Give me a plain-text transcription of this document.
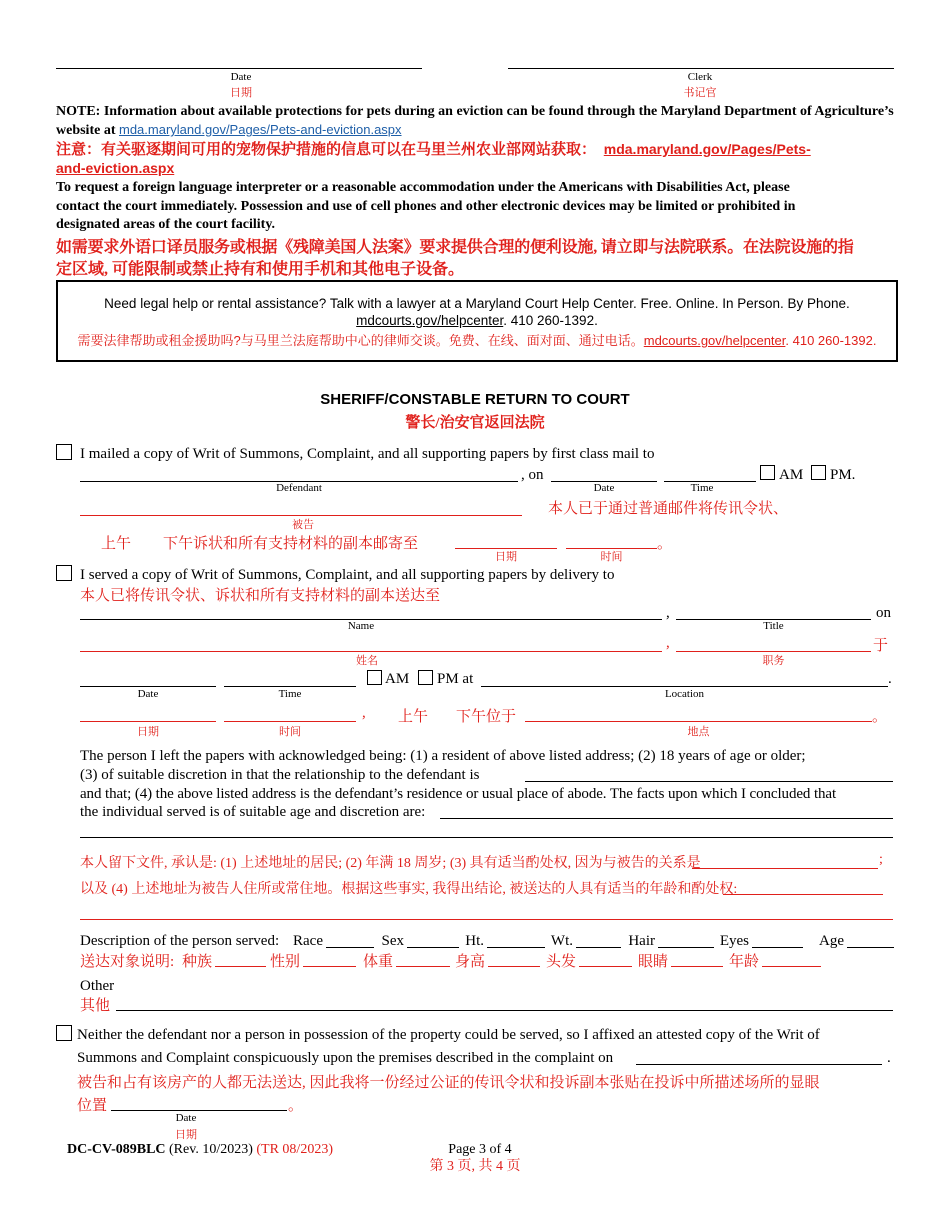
Date
日期
Clerk
书记官
NOTE: Information about available protections for pets during an eviction can be found through the Maryland Department of Agriculture’s website at mda.maryland.gov/Pages/Pets-and-eviction.aspx
注意：有关驱逐期间可用的宠物保护措施的信息可以在马里兰州农业部网站获取： mda.maryland.gov/Pages/Pets-
and-eviction.aspx
To request a foreign language interpreter or a reasonable accommodation under the Americans with Disabilities Act, please
contact the court immediately. Possession and use of cell phones and other electronic devices may be limited or prohibited in
designated areas of the court facility.
如需要求外语口译员服务或根据《残障美国人法案》要求提供合理的便利设施, 请立即与法院联系。在法院设施的指
定区域, 可能限制或禁止持有和使用手机和其他电子设备。
Need legal help or rental assistance? Talk with a lawyer at a Maryland Court Help Center. Free. Online. In Person. By Phone.
mdcourts.gov/helpcenter. 410 260-1392.
需要法律帮助或租金援助吗?与马里兰法庭帮助中心的律师交谈。免费、在线、面对面、通过电话。mdcourts.gov/helpcenter. 410 260-1392.
SHERIFF/CONSTABLE RETURN TO COURT
警长/治安官返回法院
I mailed a copy of Writ of Summons, Complaint, and all supporting papers by first class mail to
, on	AM PM.
Defendant	Date	Time
被告
本人已于通过普通邮件将传讯令状、
上午 下午诉状和所有支持材料的副本邮寄至	。
日期	时间
I served a copy of Writ of Summons, Complaint, and all supporting papers by delivery to
本人已将传讯令状、诉状和所有支持材料的副本送达至
,	on
Name	Title
,	于
姓名	职务
AM PM at	.
Date	Time	Location
, 上午 下午位于	。
日期	时间	地点
The person I left the papers with acknowledged being: (1) a resident of above listed address; (2) 18 years of age or older;
(3) of suitable discretion in that the relationship to the defendant is
and that; (4) the above listed address is the defendant’s residence or usual place of abode. The facts upon which I concluded that
the individual served is of suitable age and discretion are:
本人留下文件, 承认是: (1) 上述地址的居民; (2) 年满 18 周岁; (3) 具有适当酌处权, 因为与被告的关系是	;
以及 (4) 上述地址为被告人住所或常住地。根据这些事实, 我得出结论, 被送达的人具有适当的年龄和酌处权:
Description of the person served: Race	Sex	Ht.	Wt.	Hair	Eyes	Age
送达对象说明: 种族	性别	体重	身高	头发	眼睛	年龄
Other
其他
Neither the defendant nor a person in possession of the property could be served, so I affixed an attested copy of the Writ of
Summons and Complaint conspicuously upon the premises described in the complaint on	.
被告和占有该房产的人都无法送达, 因此我将一份经过公证的传讯令状和投诉副本张贴在投诉中所描述场所的显眼
位置	。
Date
日期
DC-CV-089BLC (Rev. 10/2023) (TR 08/2023)	Page 3 of 4
第 3 页, 共 4 页
